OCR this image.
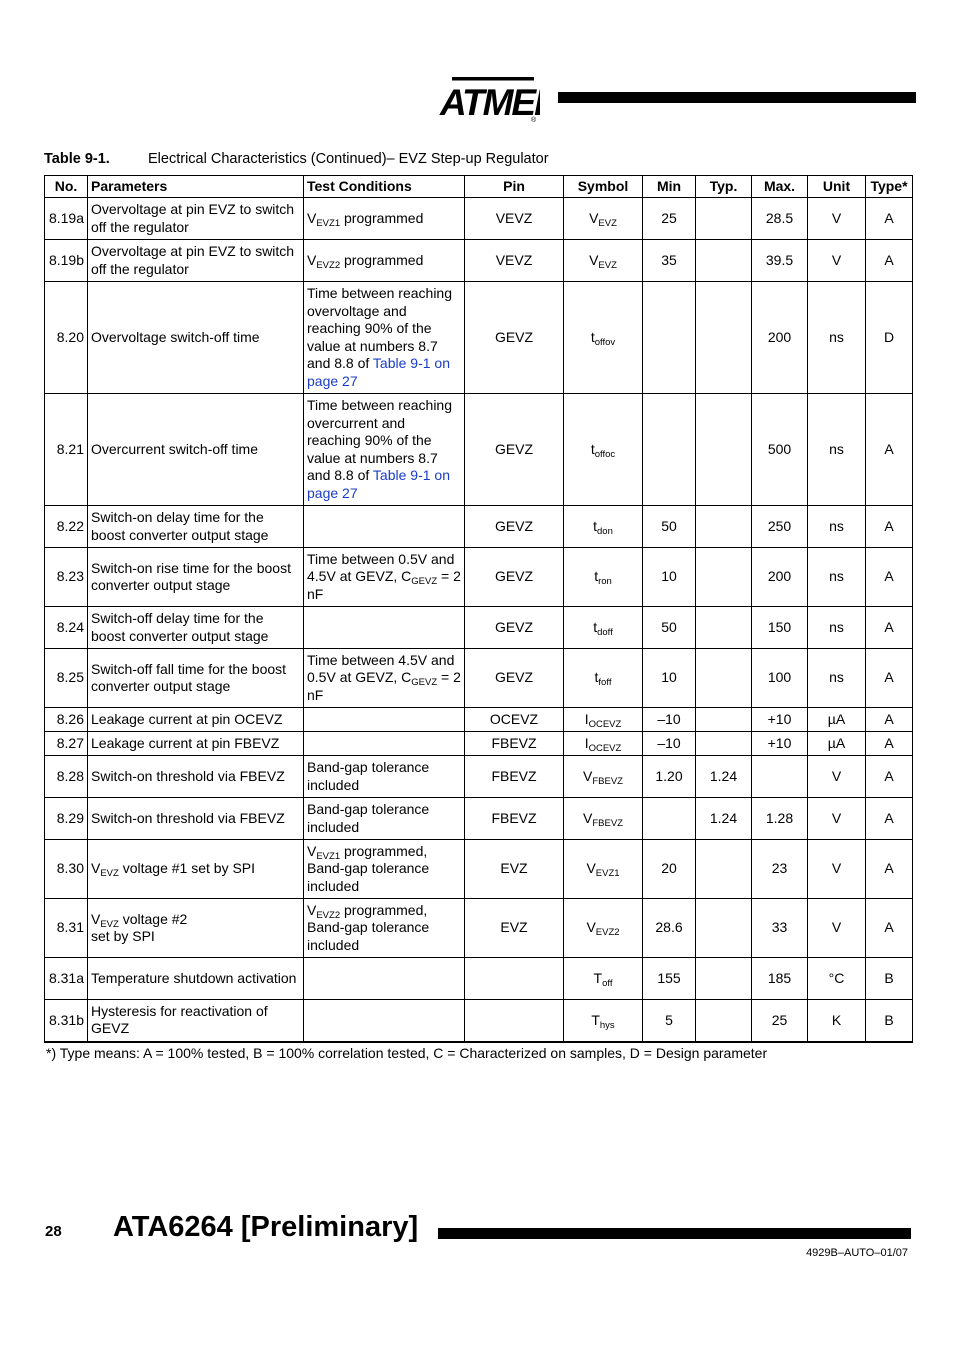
ATME
®
Table 9-1.	Electrical Characteristics (Continued)– EVZ Step-up Regulator
No.	Parameters	Test Conditions	Pin	Symbol	Min	Typ.	Max.	Unit	Type*
8.19a	Overvoltage at pin EVZ to switch off the regulator	$V_{EVZ1}$ programmed	VEVZ	$V_{EVZ}$	25		28.5	V	A
8.19b	Overvoltage at pin EVZ to switch off the regulator	$V_{EVZ2}$ programmed	VEVZ	$V_{EVZ}$	35		39.5	V	A
8.20	Overvoltage switch-off time	Time between reaching overvoltage and reaching 90% of the value at numbers 8.7 and 8.8 of Table 9-1 on page 27	GEVZ	$t_{offov}$			200	ns	D
8.21	Overcurrent switch-off time	Time between reaching overcurrent and reaching 90% of the value at numbers 8.7 and 8.8 of Table 9-1 on page 27	GEVZ	$t_{offoc}$			500	ns	A
8.22	Switch-on delay time for the boost converter output stage		GEVZ	$t_{don}$	50		250	ns	A
8.23	Switch-on rise time for the boost converter output stage	Time between 0.5V and 4.5V at GEVZ, $C_{GEVZ} = 2$ nF	GEVZ	$t_{ron}$	10		200	ns	A
8.24	Switch-off delay time for the boost converter output stage		GEVZ	$t_{doff}$	50		150	ns	A
8.25	Switch-off fall time for the boost converter output stage	Time between 4.5V and 0.5V at GEVZ, $C_{GEVZ} = 2$ nF	GEVZ	$t_{foff}$	10		100	ns	A
8.26	Leakage current at pin OCEVZ		OCEVZ	$I_{OCEVZ}$	–10		+10	µA	A
8.27	Leakage current at pin FBEVZ		FBEVZ	$I_{OCEVZ}$	–10		+10	µA	A
8.28	Switch-on threshold via FBEVZ	Band-gap tolerance included	FBEVZ	$V_{FBEVZ}$	1.20	1.24		V	A
8.29	Switch-on threshold via FBEVZ	Band-gap tolerance included	FBEVZ	$V_{FBEVZ}$		1.24	1.28	V	A
8.30	$V_{EVZ}$ voltage #1 set by SPI	$V_{EVZ1}$ programmed, Band-gap tolerance included	EVZ	$V_{EVZ1}$	20		23	V	A
8.31	$V_{EVZ}$ voltage #2
set by SPI	$V_{EVZ2}$ programmed, Band-gap tolerance included	EVZ	$V_{EVZ2}$	28.6		33	V	A
8.31a	Temperature shutdown activation			$T_{off}$	155		185	°C	B
8.31b	Hysteresis for reactivation of GEVZ			$T_{hys}$	5		25	K	B
*) Type means: A = 100% tested, B = 100% correlation tested, C = Characterized on samples, D = Design parameter
28 ATA6264 [Preliminary]
4929B–AUTO–01/07
